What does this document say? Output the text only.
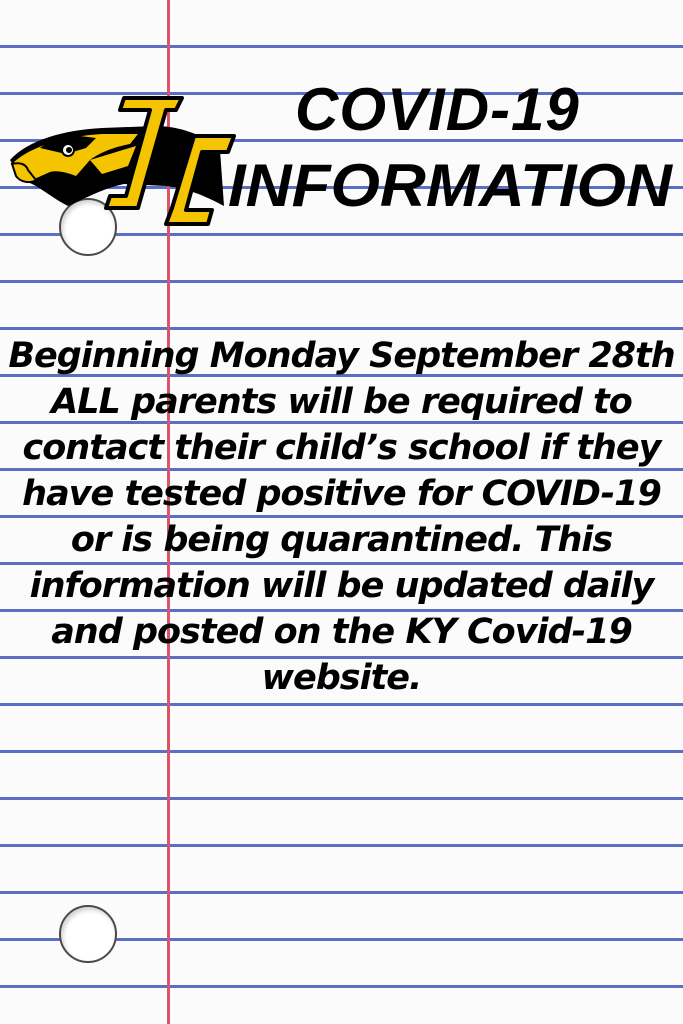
COVID-19
INFORMATION

Beginning Monday September 28th ALL parents will be required to contact their child’s school if they have tested positive for COVID-19 or is being quarantined. This information will be updated daily and posted on the KY Covid-19 website.
